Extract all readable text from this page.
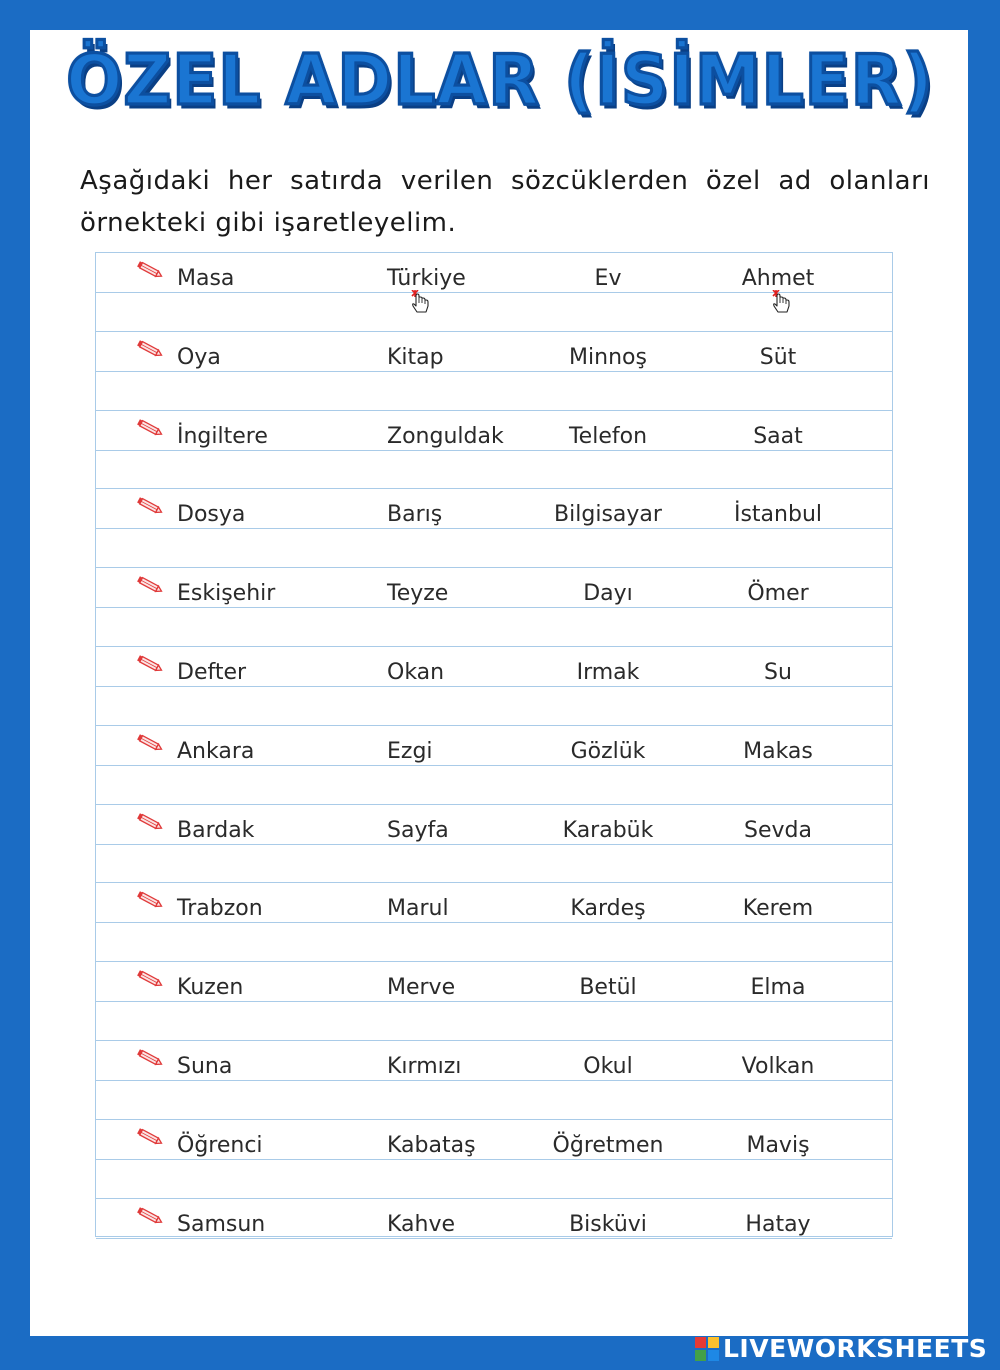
ÖZEL ADLAR (İSİMLER)
Aşağıdaki her satırda verilen sözcüklerden özel ad olanları örnekteki gibi işaretleyelim.
Masa	Türkiye	Ev	Ahmet
Oya	Kitap	Minnoş	Süt
İngiltere	Zonguldak	Telefon	Saat
Dosya	Barış	Bilgisayar	İstanbul
Eskişehir	Teyze	Dayı	Ömer
Defter	Okan	Irmak	Su
Ankara	Ezgi	Gözlük	Makas
Bardak	Sayfa	Karabük	Sevda
Trabzon	Marul	Kardeş	Kerem
Kuzen	Merve	Betül	Elma
Suna	Kırmızı	Okul	Volkan
Öğrenci	Kabataş	Öğretmen	Maviş
Samsun	Kahve	Bisküvi	Hatay
LIVEWORKSHEETS
